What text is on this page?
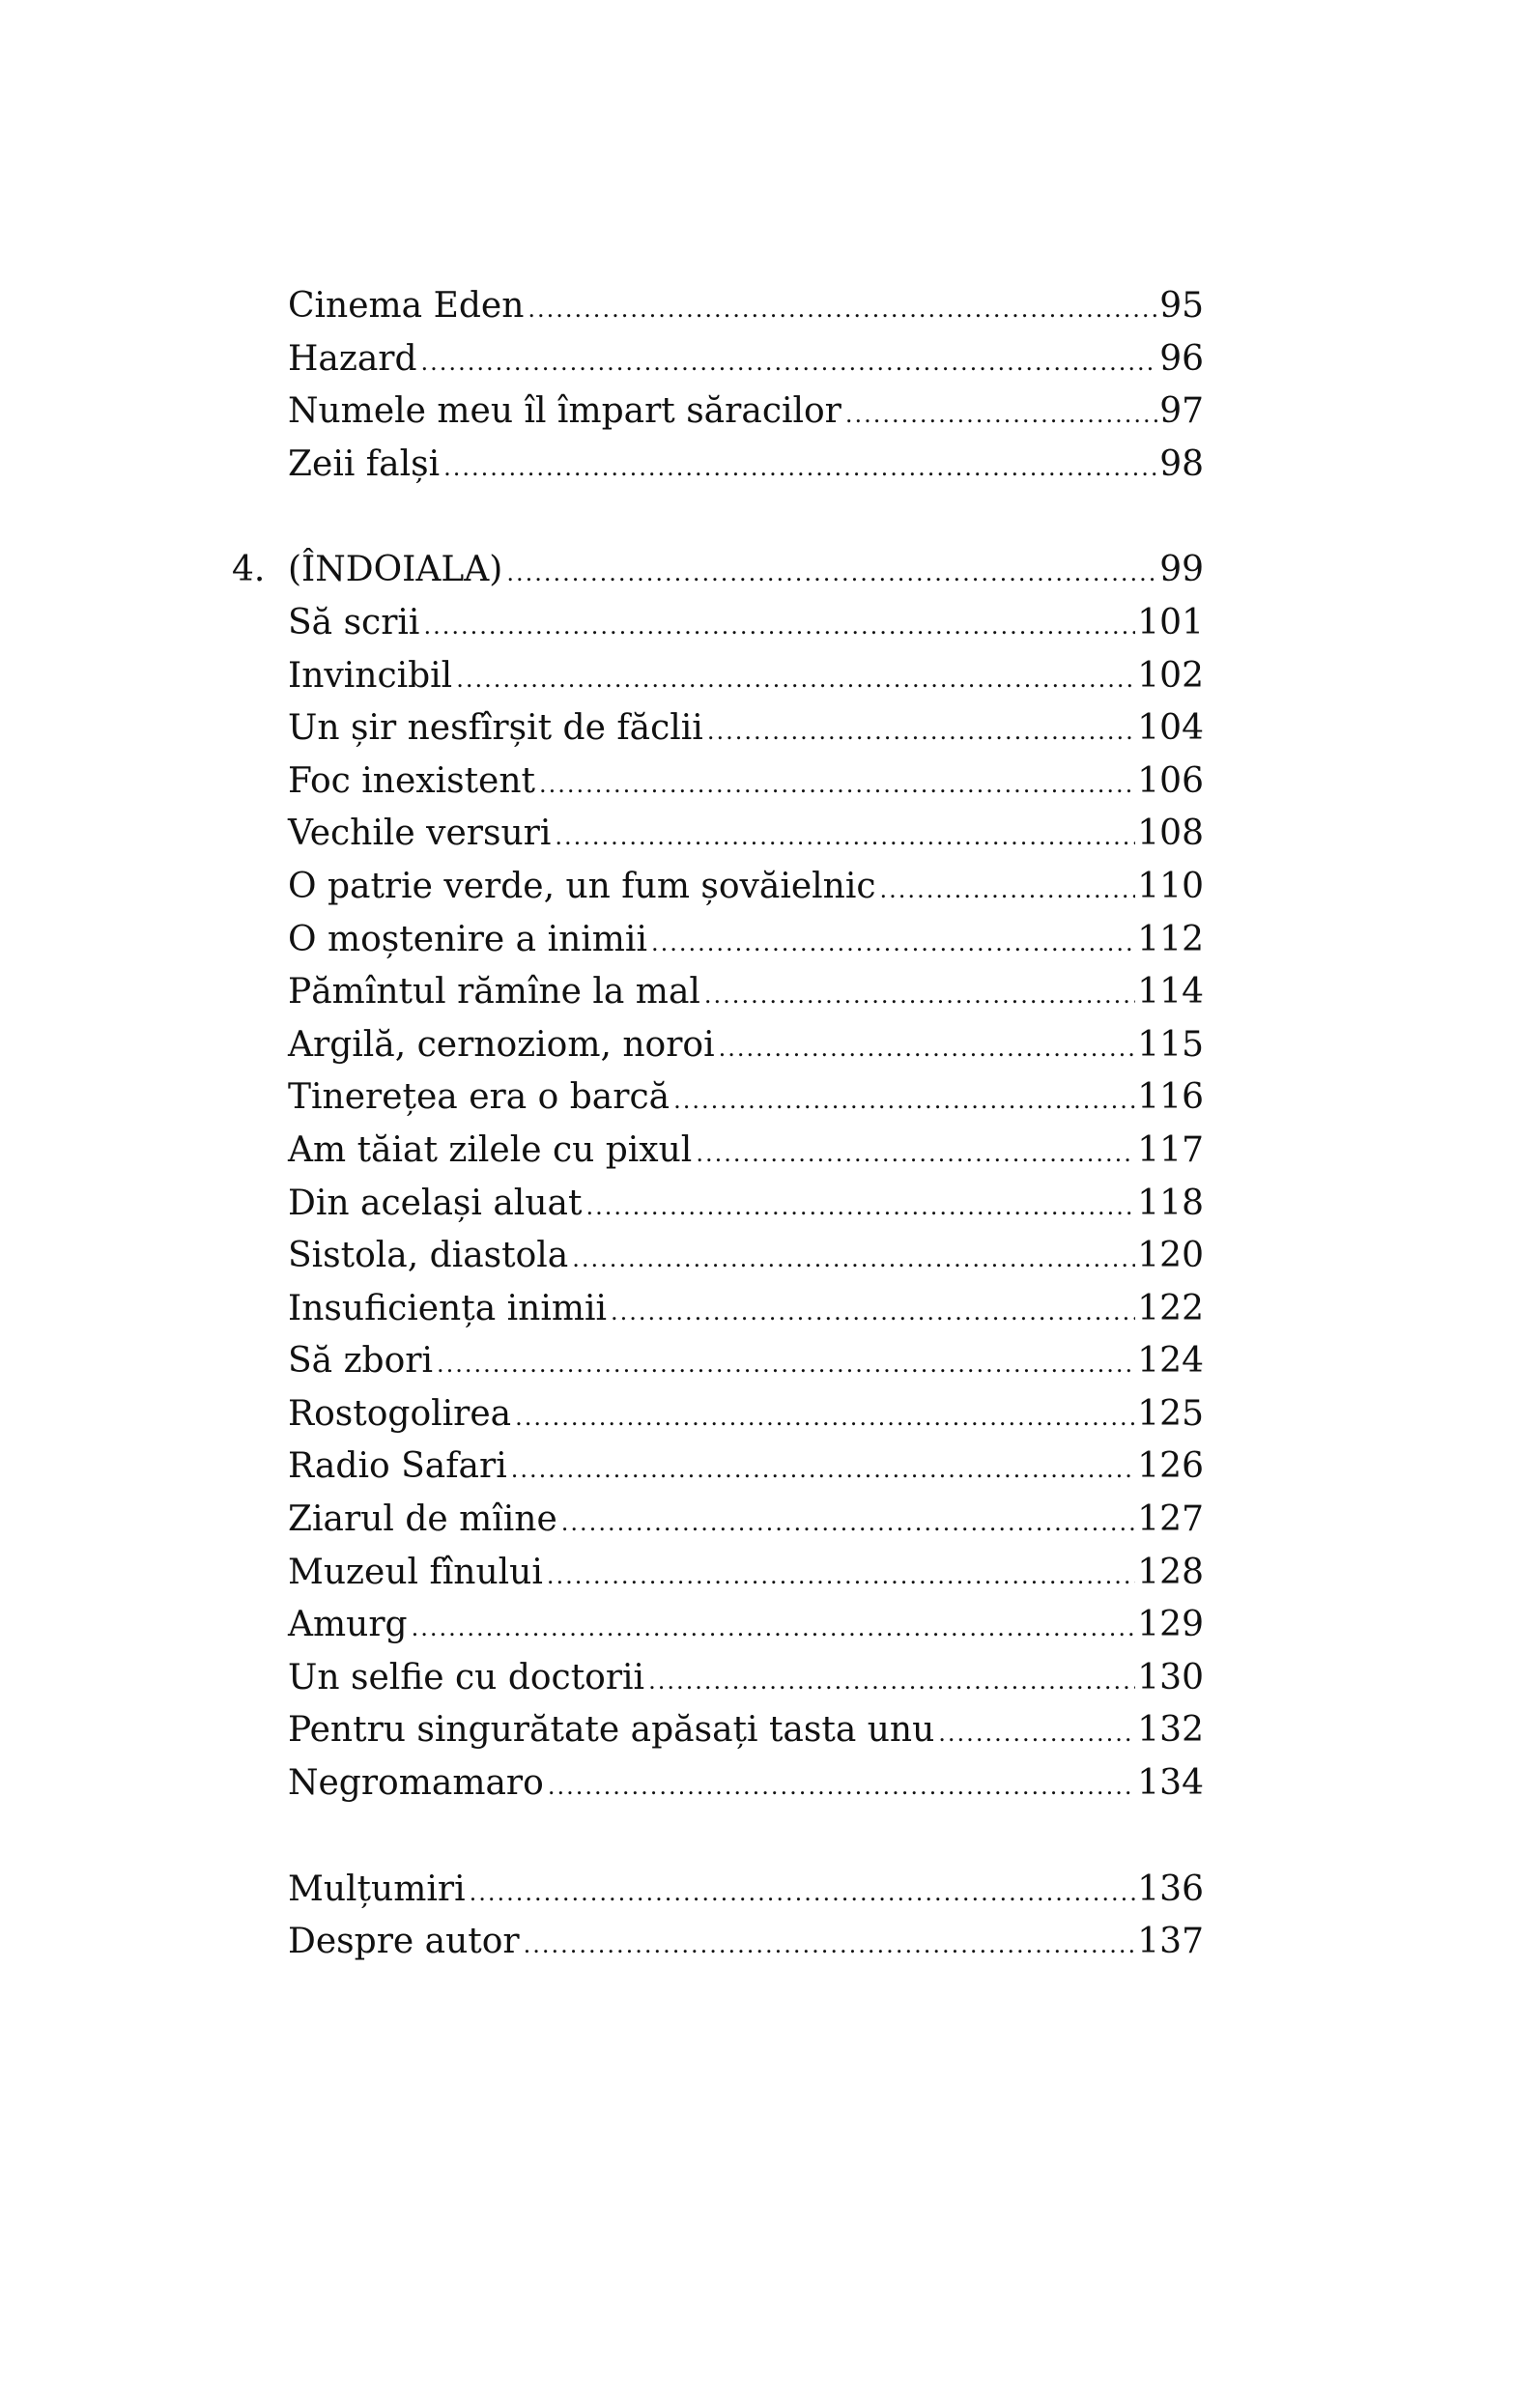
Cinema Eden .....	95
Hazard .....	96
Numele meu îl împart săracilor .....	97
Zeii falși .....	98
4. (ÎNDOIALA) .....	99
Să scrii .....	101
Invincibil .....	102
Un șir nesfîrșit de făclii .....	104
Foc inexistent .....	106
Vechile versuri .....	108
O patrie verde, un fum șovăielnic .....	110
O moștenire a inimii .....	112
Pămîntul rămîne la mal .....	114
Argilă, cernoziom, noroi .....	115
Tinerețea era o barcă .....	116
Am tăiat zilele cu pixul .....	117
Din același aluat .....	118
Sistola, diastola .....	120
Insuficiența inimii .....	122
Să zbori .....	124
Rostogolirea .....	125
Radio Safari .....	126
Ziarul de mîine .....	127
Muzeul fînului .....	128
Amurg .....	129
Un selfie cu doctorii .....	130
Pentru singurătate apăsați tasta unu .....	132
Negromamaro .....	134
Mulțumiri .....	136
Despre autor .....	137
